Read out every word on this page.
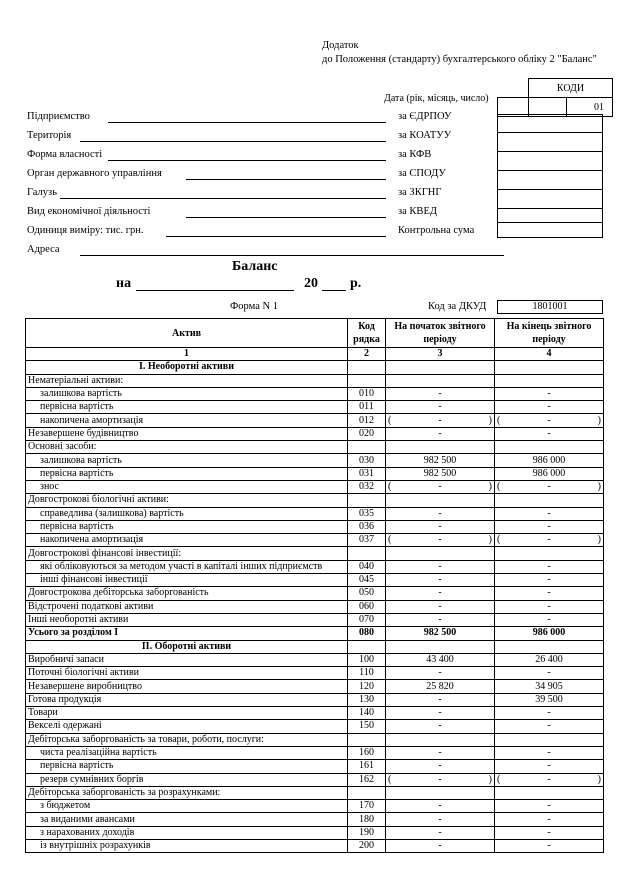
Додаток
до Положення (стандарту) бухгалтерського обліку 2 "Баланс"
	КОДИ	
		01
Дата (рік, місяць, число)
Підприємство	за ЄДРПОУ
Територія	за КОАТУУ
Форма власності	за КФВ
Орган державного управління	за СПОДУ
Галузь	за ЗКГНГ
Вид економічної діяльності	за КВЕД
Одиниця виміру: тис. грн.	Контрольна сума
Адреса
Баланс
на	20 р.
Форма N 1	Код за ДКУД	1801001
Актив	Код рядка	На початок звітного періоду	На кінець звітного періоду
1	2	3	4
I. Необоротні активи			
Нематеріальні активи:			
залишкова вартість	010	-	-
первісна вартість	011	-	-
накопичена амортизація	012	( - )	( - )

Незавершене будівництво	020	-	-
Основні засоби:			
залишкова вартість	030	982 500	986 000
первісна вартість	031	982 500	986 000
знос	032	( - )	( - )

Довгострокові біологічні активи:			
справедлива (залишкова) вартість	035	-	-
первісна вартість	036	-	-
накопичена амортизація	037	( - )	( - )

Довгострокові фінансові інвестиції:			
які обліковуються за методом участі в капіталі інших підприємств	040	-	-
інші фінансові інвестиції	045	-	-
Довгострокова дебіторська заборгованість	050	-	-
Відстрочені податкові активи	060	-	-
Інші необоротні активи	070	-	-
Усього за розділом I	080	982 500	986 000
II. Оборотні активи			
Виробничі запаси	100	43 400	26 400
Поточні біологічні активи	110	-	-
Незавершене виробництво	120	25 820	34 905
Готова продукція	130	-	39 500
Товари	140	-	-
Векселі одержані	150	-	-
Дебіторська заборгованість за товари, роботи, послуги:			
чиста реалізаційна вартість	160	-	-
первісна вартість	161	-	-
резерв сумнівних боргів	162	( - )	( - )

Дебіторська заборгованість за розрахунками:			
з бюджетом	170	-	-
за виданими авансами	180	-	-
з нарахованих доходів	190	-	-
із внутрішніх розрахунків	200	-	-
